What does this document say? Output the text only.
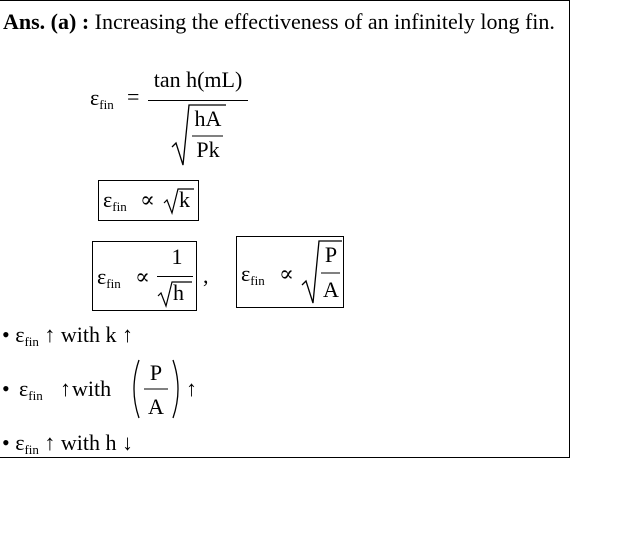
Ans. (a) : Increasing the effectiveness of an infinitely long fin.
εfin =
tan h(mL)
hA
Pk
εfin ∝ k
εfin ∝
1
h
, εfin ∝
P
A
• εfin ↑ with k ↑
• εfin ↑ with
P
A
↑
• εfin ↑ with h ↓
